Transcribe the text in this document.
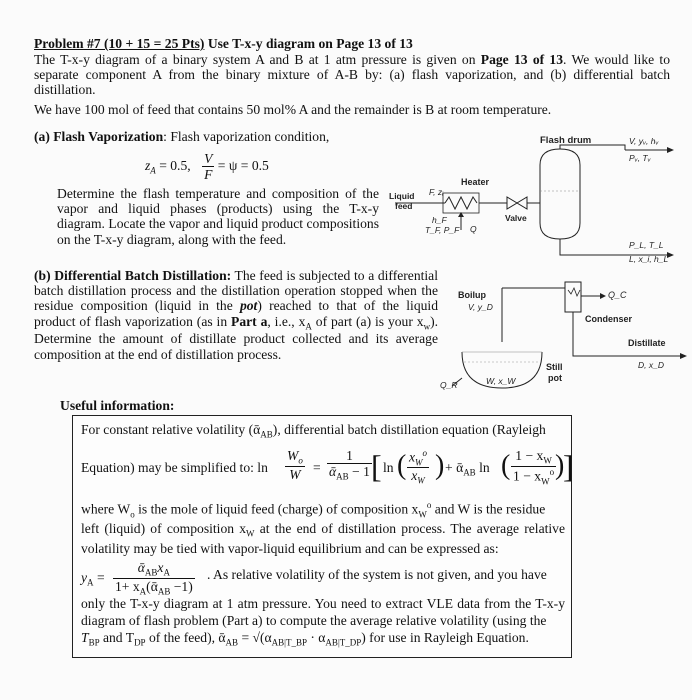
Problem #7 (10 + 15 = 25 Pts) Use T-x-y diagram on Page 13 of 13
The T-x-y diagram of a binary system A and B at 1 atm pressure is given on Page 13 of 13. We would like to separate component A from the binary mixture of A-B by: (a) flash vaporization, and (b) differential batch distillation.
We have 100 mol of feed that contains 50 mol% A and the remainder is B at room temperature.
(a) Flash Vaporization: Flash vaporization condition,
$z_A = 0.5$, $\frac{V}{F} = \psi = 0.5$
Determine the flash temperature and composition of the vapor and liquid phases (products) using the T-x-y diagram. Locate the vapor and liquid product compositions on the T-x-y diagram, along with the feed.
Flash drum	V, yᵥ, hᵥ
Pᵥ, Tᵥ
Heater
Liquid
feed
F, zᵢ
h_F
T_F, P_F Q
Valve
P_L, T_L
L, x_i, h_L
(b) Differential Batch Distillation: The feed is subjected to a differential batch distillation process and the distillation operation stopped when the residue composition (liquid in the pot) reached to that of the liquid product of flash vaporization (as in Part a, i.e., $x_A$ of part (a) is your $x_w$). Determine the amount of distillate product collected and its average composition at the end of distillation process.
Boilup
V, y_D
Q_C
Condenser
Distillate
D, x_D
Still
pot
Q_R	W, x_W
Useful information:
For constant relative volatility (ᾱ$_{AB}$), differential batch distillation equation (Rayleigh
Equation) may be simplified to: $\ln \frac{W_o}{W}$ =
1
ᾱ$_{AB}$ − 1 [ ln ( $x_W^o$
$x_W$
) + ᾱ$_{AB}$ ln ( $1 - x_W$
$1 - x_W^o$ )
]
where $W_o$ is the mole of liquid feed (charge) of composition $x_W^o$ and W is the residue
left (liquid) of composition $x_W$ at the end of distillation process. The average relative volatility may be tied with vapor-liquid equilibrium and can be expressed as:
$y_A$ =
$ᾱ_{AB}x_A$
$1+ x_A(ᾱ_{AB} -1)$
. As relative volatility of the system is not given, and you have
only the T-x-y diagram at 1 atm pressure. You need to extract VLE data from the T-x-y diagram of flash problem (Part a) to compute the average relative volatility (using the
$T_{BP}$ and $T_{DP}$ of the feed), ᾱ$_{AB}$ = $√(\alpha_{AB|T\_BP} \cdot \alpha_{AB|T\_DP})$ for use in Rayleigh Equation.
